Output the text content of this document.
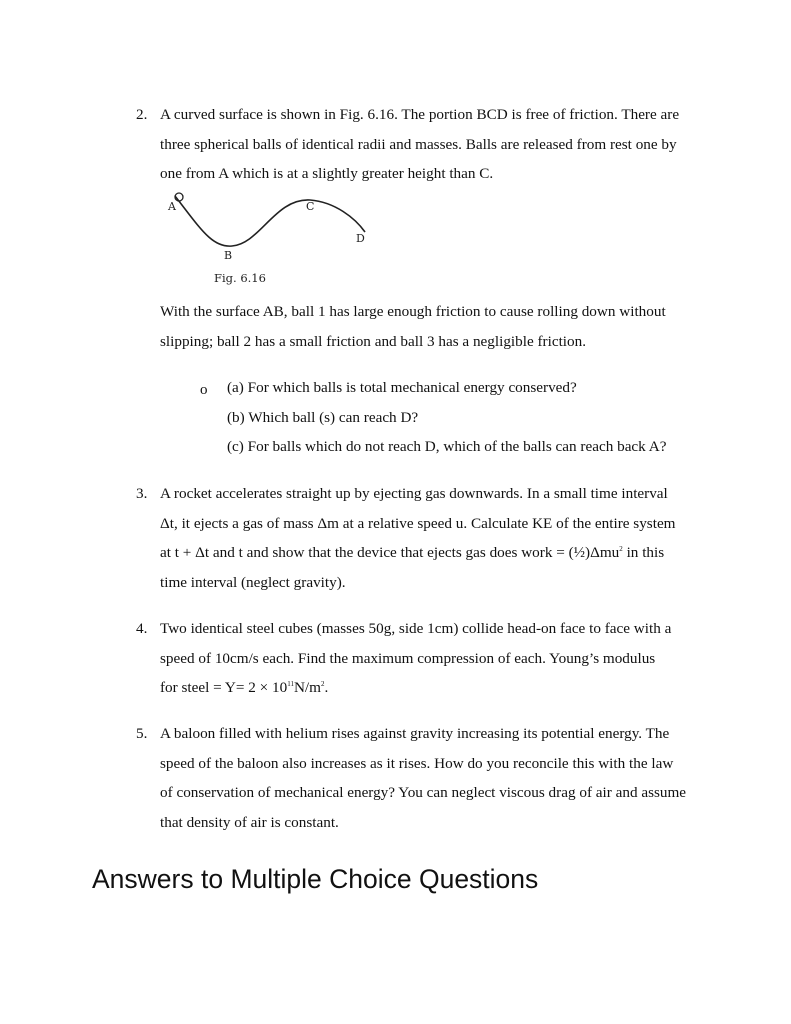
2. A curved surface is shown in Fig. 6.16. The portion BCD is free of friction. There are
three spherical balls of identical radii and masses. Balls are released from rest one by
one from A which is at a slightly greater height than C.
A
B
C
D
Fig. 6.16
With the surface AB, ball 1 has large enough friction to cause rolling down without
slipping; ball 2 has a small friction and ball 3 has a negligible friction.
o (a) For which balls is total mechanical energy conserved?
(b) Which ball (s) can reach D?
(c) For balls which do not reach D, which of the balls can reach back A?
3. A rocket accelerates straight up by ejecting gas downwards. In a small time interval
Δt, it ejects a gas of mass Δm at a relative speed u. Calculate KE of the entire system
at t + Δt and t and show that the device that ejects gas does work = (½)Δmu$^2$ in this
time interval (neglect gravity).
4. Two identical steel cubes (masses 50g, side 1cm) collide head-on face to face with a
speed of 10cm/s each. Find the maximum compression of each. Young’s modulus
for steel = $Y= 2 \times 10^{11}N/m^2$.
5. A baloon filled with helium rises against gravity increasing its potential energy. The
speed of the baloon also increases as it rises. How do you reconcile this with the law
of conservation of mechanical energy? You can neglect viscous drag of air and assume
that density of air is constant.
Answers to Multiple Choice Questions
